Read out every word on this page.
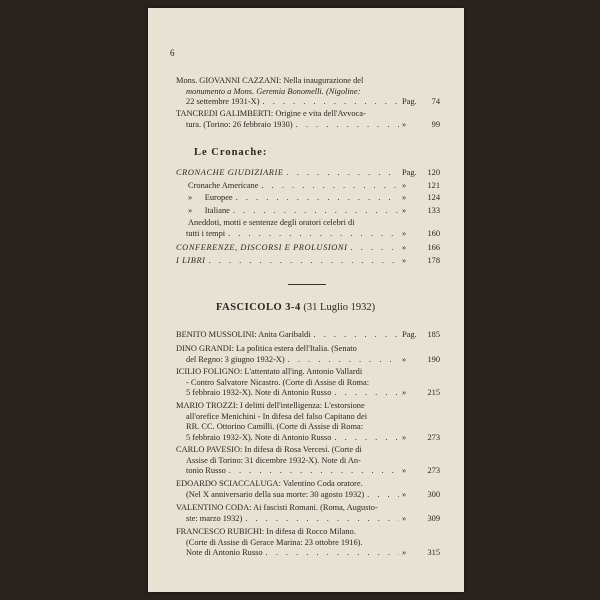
6
Mons. GIOVANNI CAZZANI: Nella inaugurazione del
monumento a Mons. Geremia Bonomelli. (Nigoline:
22 settembre 1931-X) . . .	Pag.	74
TANCREDI GALIMBERTI: Origine e vita dell'Avvoca-
tura. (Torino: 26 febbraio 1930) . . .	»	99
Le Cronache:
CRONACHE GIUDIZIARIE . . .	Pag.	120
Cronache Americane . . .	»	121
»      Europee . . .	»	124
»      Italiane . . .	»	133
Aneddoti, motti e sentenze degli oratori celebri di
tutti i tempi . . .	»	160
CONFERENZE, DISCORSI E PROLUSIONI . . .	»	166
I LIBRI . . .	»	178
FASCICOLO 3-4 (31 Luglio 1932)
BENITO MUSSOLINI: Anita Garibaldi . . .	Pag.	185
DINO GRANDI: La politica estera dell'Italia. (Senato
del Regno: 3 giugno 1932-X) . . .	»	190
ICILIO FOLIGNO: L'attentato all'ing. Antonio Vallardi
- Contro Salvatore Nicastro. (Corte di Assise di Roma:
5 febbraio 1932-X). Note di Antonio Russo . . .	»	215
MARIO TROZZI: I delitti dell'intelligenza: L'estorsione
all'orefice Menichini - In difesa del falso Capitano dei
RR. CC. Ottorino Camilli. (Corte di Assise di Roma:
5 febbraio 1932-X). Note di Antonio Russo . . .	»	273
CARLO PAVESIO: In difesa di Rosa Vercesi. (Corte di
Assise di Torino: 31 dicembre 1932-X). Note di An-
tonio Russo . . .	»	273
EDOARDO SCIACCALUGA: Valentino Coda oratore.
(Nel X anniversario della sua morte: 30 agosto 1932) . . .	»	300
VALENTINO CODA: Ai fascisti Romani. (Roma, Augusto-
ste: marzo 1932) . . .	»	309
FRANCESCO RUBICHI: In difesa di Rocco Milano.
(Corte di Assise di Gerace Marina: 23 ottobre 1916).
Note di Antonio Russo . . .	»	315
